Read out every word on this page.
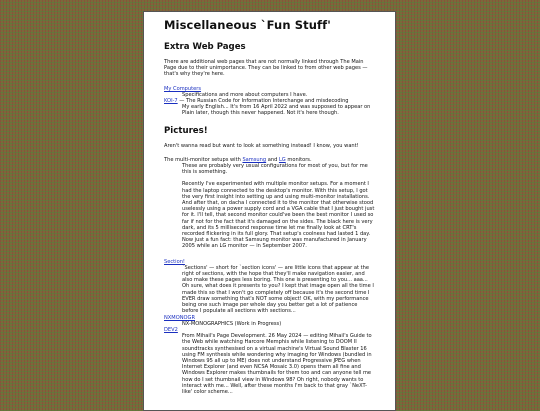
Miscellaneous `Fun Stuff'
Extra Web Pages

There are additional web pages that are not normally linked through The Main Page due to their unimportance. They can be linked to from other web pages — that's why they're here.

My Computers
Specifications and more about computers I have.
KOI-7 — The Russian Code for Information Interchange and misdecoding
My early English... It's from 16 April 2022 and was supposed to appear on Plain later, though this never happened. Not it's here though.
Pictures!

Aren't wanna read but want to look at something instead! I know, you want!

The multi-monitor setups with Samsung and LG monitors.
These are probably very usual configurations for most of you, but for me this is something.
Recently I've experimented with multiple monitor setups. For a moment I had the laptop connected to the desktop's monitor. With this setup, I got the very first insight into setting up and using multi-monitor installations. And after that, on dacha I connected it to the monitor that otherwise stood uselessly using a power supply cord and a VGA cable that I just bought just for it. I'll tell, that second monitor could've been the best monitor I used so far if not for the fact that it's damaged on the sides. The black here is very dark, and its 5 millisecond response time let me finally look at CRT's recorded flickering in its full glory. That setup's coolness had lasted 1 day. Now just a fun fact: that Samsung monitor was manufactured in January 2005 while an LG monitor — in September 2007.
Section!
`Sections' — short for `section icons' — are little icons that appear at the right of sections, with the hope that they'll make navigation easier, and also make these pages less boring. This one is presenting to you... aaa... Oh sure, what does it presents to you? I kept that image open all the time I made this so that I won't go completely off because it's the second time I EVER draw something that's NOT some object! OK, with my performance being one such image per whole day you better get a lot of patience before I populate all sections with sections...
NXMONOGR
NX-MONOGRAPHICS (Work in Progress)
DEV2
From Mihail's Page Development. 26 May 2024 — editing Mihail's Guide to the Web while watching Harcore Memphis while listening to DOOM II soundtracks synthesised on a virtual machine's Virtual Sound Blaster 16 using FM synthesis while wondering why imaging for Windows (bundled in Windows 95 all up to ME) does not understand Progressive JPEG when Internet Explorer (and even NCSA Mosaic 3.0) opens them all fine and Windows Explorer makes thumbnails for them too and can anyone tell me how do I set thumbnail view in Windows 98? Oh right, nobody wants to interact with me... Well, after these months I'm back to that gray `NeXT-like' color scheme...
